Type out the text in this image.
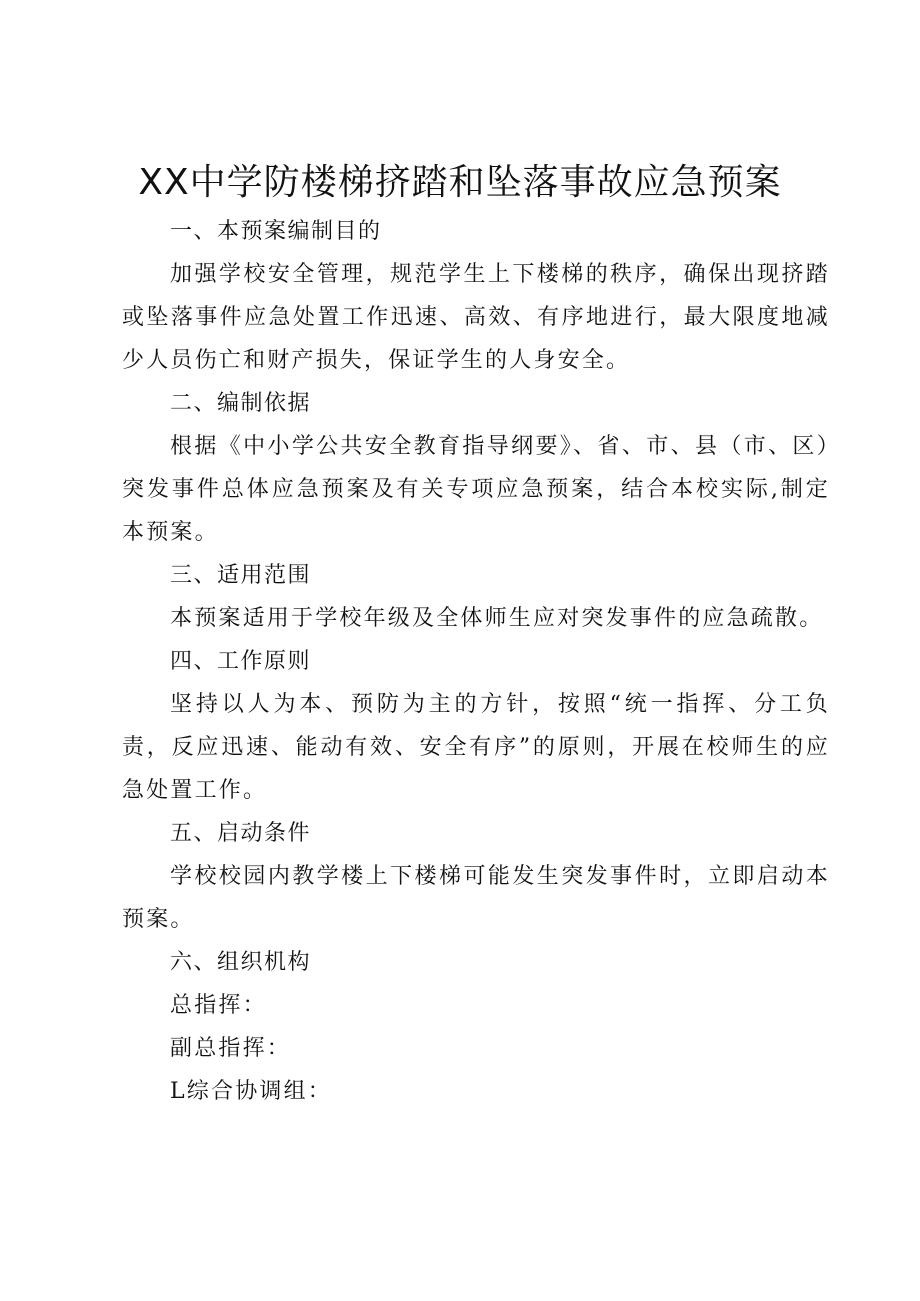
XX中学防楼梯挤踏和坠落事故应急预案

一、本预案编制目的

加强学校安全管理，规范学生上下楼梯的秩序，确保出现挤踏或坠落事件应急处置工作迅速、高效、有序地进行，最大限度地减少人员伤亡和财产损失，保证学生的人身安全。

二、编制依据

根据《中小学公共安全教育指导纲要》、省、市、县（市、区）突发事件总体应急预案及有关专项应急预案，结合本校实际,制定本预案。

三、适用范围

本预案适用于学校年级及全体师生应对突发事件的应急疏散。

四、工作原则

坚持以人为本、预防为主的方针，按照“统一指挥、分工负责，反应迅速、能动有效、安全有序”的原则，开展在校师生的应急处置工作。

五、启动条件

学校校园内教学楼上下楼梯可能发生突发事件时，立即启动本预案。

六、组织机构

总指挥：

副总指挥：

L综合协调组：
